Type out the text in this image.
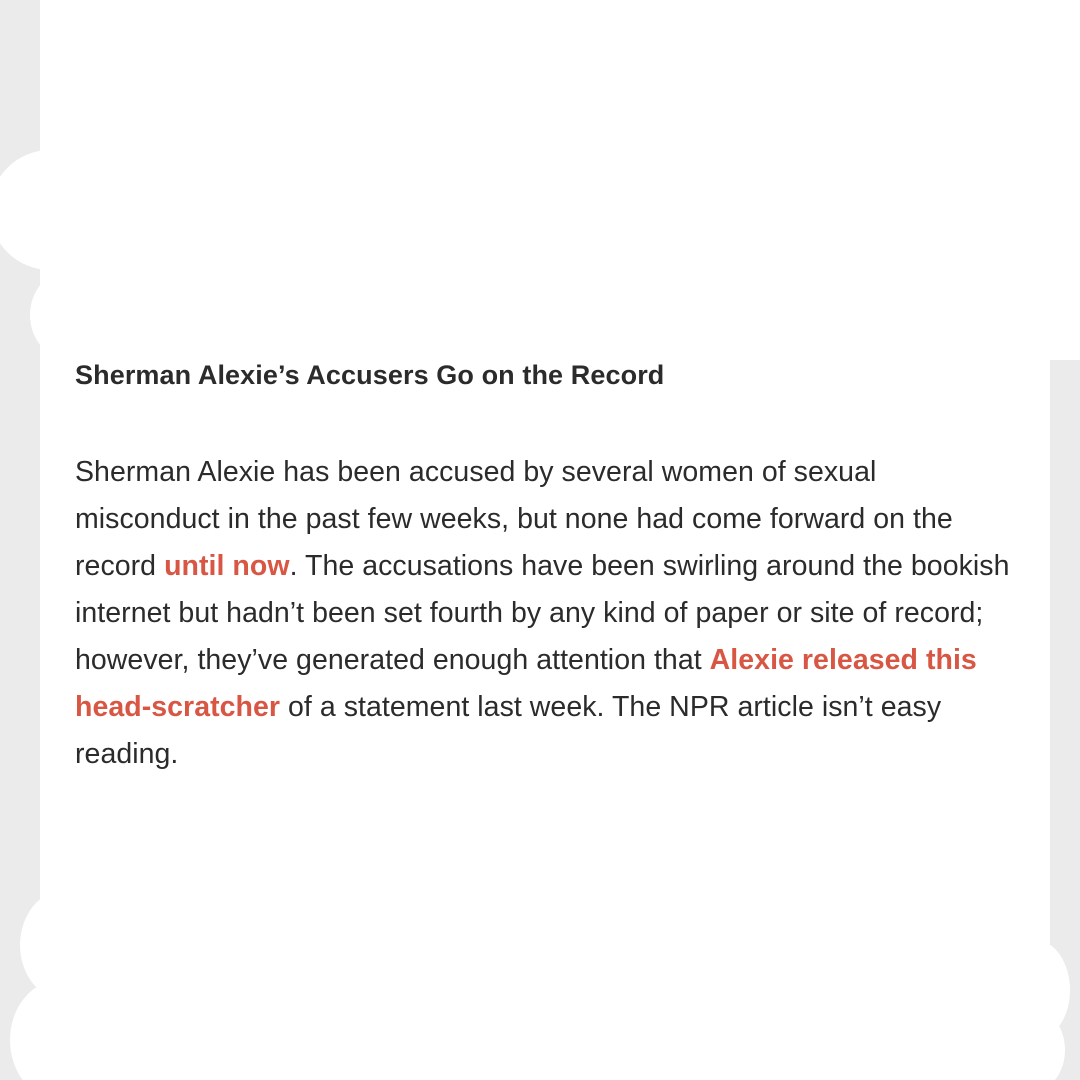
Sherman Alexie’s Accusers Go on the Record

Sherman Alexie has been accused by several women of sexual misconduct in the past few weeks, but none had come forward on the record until now. The accusations have been swirling around the bookish internet but hadn’t been set fourth by any kind of paper or site of record; however, they’ve generated enough attention that Alexie released this head-scratcher of a statement last week. The NPR article isn’t easy reading.
